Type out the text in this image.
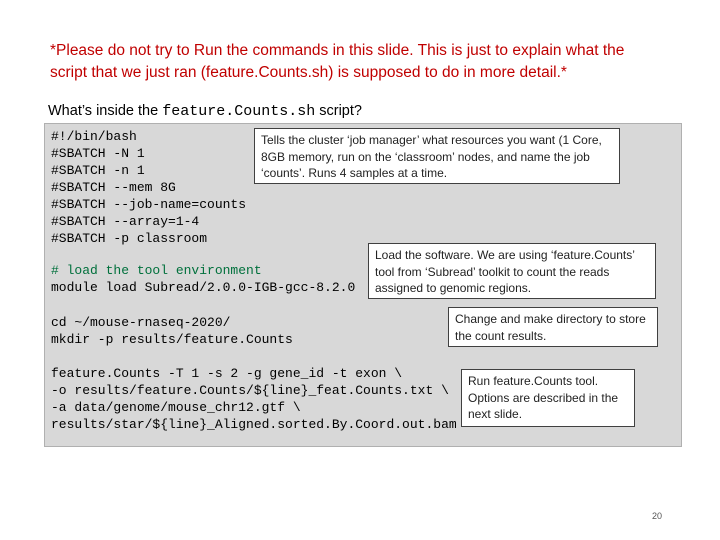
*Please do not try to Run the commands in this slide. This is just to explain what the
script that we just ran (feature.Counts.sh) is supposed to do in more detail.*
What’s inside the feature.Counts.sh script?
#!/bin/bash
#SBATCH -N 1
#SBATCH -n 1
#SBATCH --mem 8G
#SBATCH --job-name=counts
#SBATCH --array=1-4
#SBATCH -p classroom
# load the tool environment
module load Subread/2.0.0-IGB-gcc-8.2.0
cd ~/mouse-rnaseq-2020/
mkdir -p results/feature.Counts
feature.Counts -T 1 -s 2 -g gene_id -t exon \
-o results/feature.Counts/${line}_feat.Counts.txt \
-a data/genome/mouse_chr12.gtf \
results/star/${line}_Aligned.sorted.By.Coord.out.bam
Tells the cluster ‘job manager’ what resources you want (1 Core, 8GB memory, run on the ‘classroom’ nodes, and name the job ‘counts’. Runs 4 samples at a time.
Load the software. We are using ‘feature.Counts’ tool from ‘Subread’ toolkit to count the reads assigned to genomic regions.
Change and make directory to store the count results.
Run feature.Counts tool. Options are described in the next slide.
20
